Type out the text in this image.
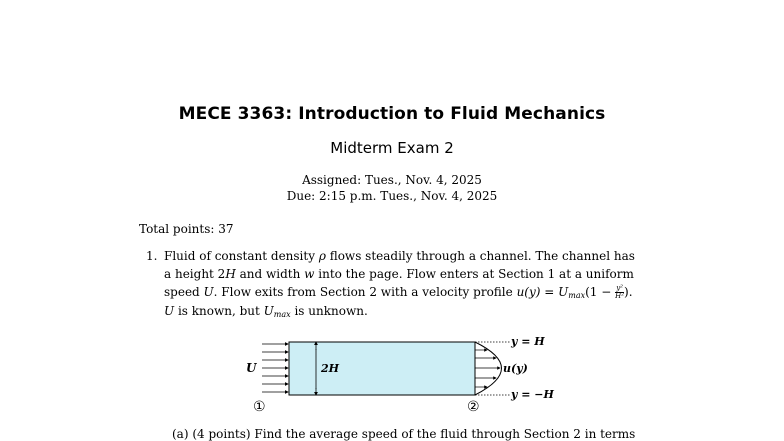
MECE 3363: Introduction to Fluid Mechanics
Midterm Exam 2
Assigned: Tues., Nov. 4, 2025
Due: 2:15 p.m. Tues., Nov. 4, 2025
Total points: 37
1. Fluid of constant density ρ flows steadily through a channel. The channel has
a height 2H and width w into the page. Flow enters at Section 1 at a uniform
speed U. Flow exits from Section 2 with a velocity profile $u(y) = U_{max}(1 - \frac{\text{y²}}{\text{H²}}$ ).
U is known, but $U_{max}$ is unknown.
U	2H	u(y)
y = H
y = −H
①	②
(a) (4 points) Find the average speed of the fluid through Section 2 in terms
